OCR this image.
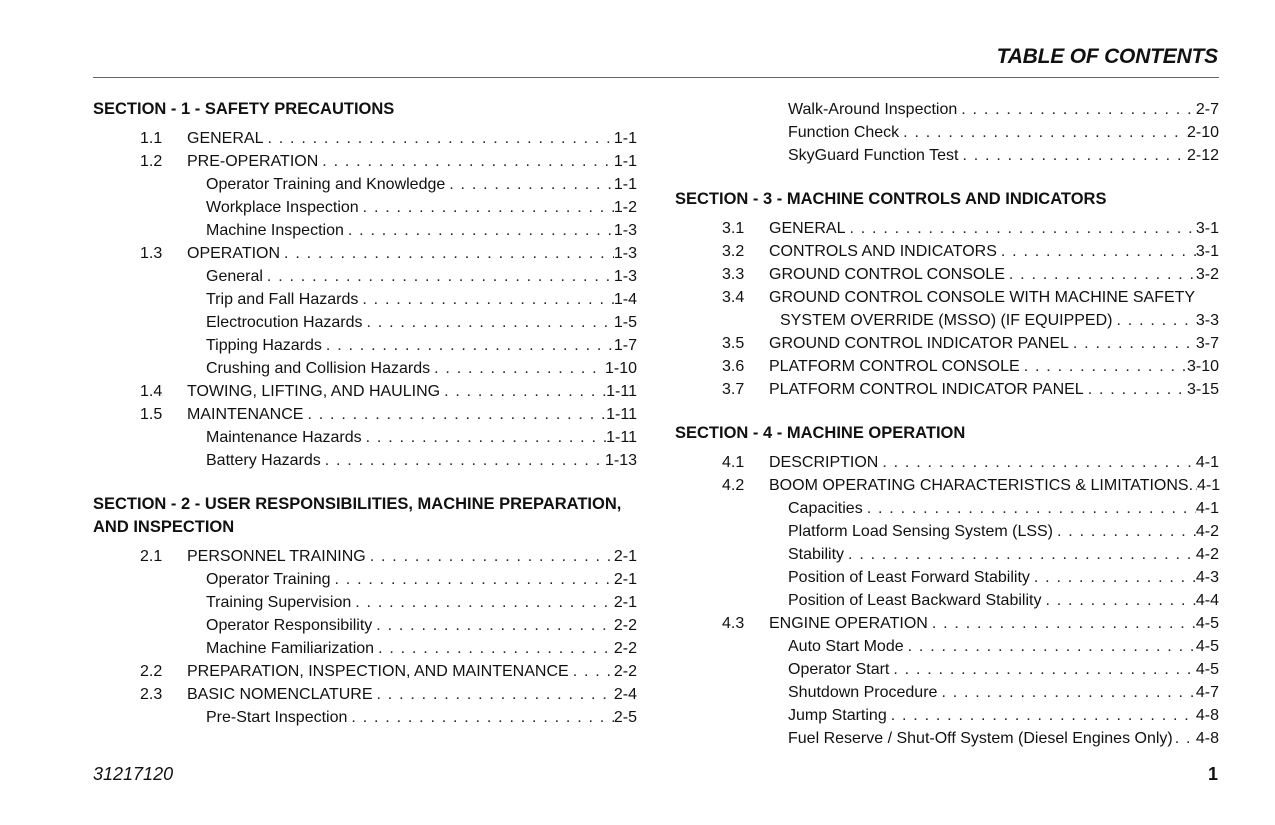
TABLE OF CONTENTS
SECTION - 1 - SAFETY PRECAUTIONS
1.1	GENERAL . . .	1-1
1.2	PRE-OPERATION . . .	1-1
Operator Training and Knowledge . . .	1-1
Workplace Inspection . . .	1-2
Machine Inspection . . .	1-3
1.3	OPERATION . . .	1-3
General . . .	1-3
Trip and Fall Hazards . . .	1-4
Electrocution Hazards . . .	1-5
Tipping Hazards . . .	1-7
Crushing and Collision Hazards . . .	1-10
1.4	TOWING, LIFTING, AND HAULING . . .	1-11
1.5	MAINTENANCE . . .	1-11
Maintenance Hazards . . .	1-11
Battery Hazards . . .	1-13
SECTION - 2 - USER RESPONSIBILITIES, MACHINE PREPARATION, AND INSPECTION
2.1	PERSONNEL TRAINING . . .	2-1
Operator Training . . .	2-1
Training Supervision . . .	2-1
Operator Responsibility . . .	2-2
Machine Familiarization . . .	2-2
2.2	PREPARATION, INSPECTION, AND MAINTENANCE . . .	2-2
2.3	BASIC NOMENCLATURE . . .	2-4
Pre-Start Inspection . . .	2-5
Walk-Around Inspection . . .	2-7
Function Check . . .	2-10
SkyGuard Function Test . . .	2-12
SECTION - 3 - MACHINE CONTROLS AND INDICATORS
3.1	GENERAL . . .	3-1
3.2	CONTROLS AND INDICATORS . . .	3-1
3.3	GROUND CONTROL CONSOLE . . .	3-2
3.4	GROUND CONTROL CONSOLE WITH MACHINE SAFETY
SYSTEM OVERRIDE (MSSO) (IF EQUIPPED) . . .	3-3
3.5	GROUND CONTROL INDICATOR PANEL . . .	3-7
3.6	PLATFORM CONTROL CONSOLE . . .	3-10
3.7	PLATFORM CONTROL INDICATOR PANEL . . .	3-15
SECTION - 4 - MACHINE OPERATION
4.1	DESCRIPTION . . .	4-1
4.2	BOOM OPERATING CHARACTERISTICS & LIMITATIONS. . . . 4-1
Capacities . . .	4-1
Platform Load Sensing System (LSS) . . .	4-2
Stability . . .	4-2
Position of Least Forward Stability . . .	4-3
Position of Least Backward Stability . . .	4-4
4.3	ENGINE OPERATION . . .	4-5
Auto Start Mode . . .	4-5
Operator Start . . .	4-5
Shutdown Procedure . . .	4-7
Jump Starting . . .	4-8
Fuel Reserve / Shut-Off System (Diesel Engines Only) . . . 4-8
31217120	1
